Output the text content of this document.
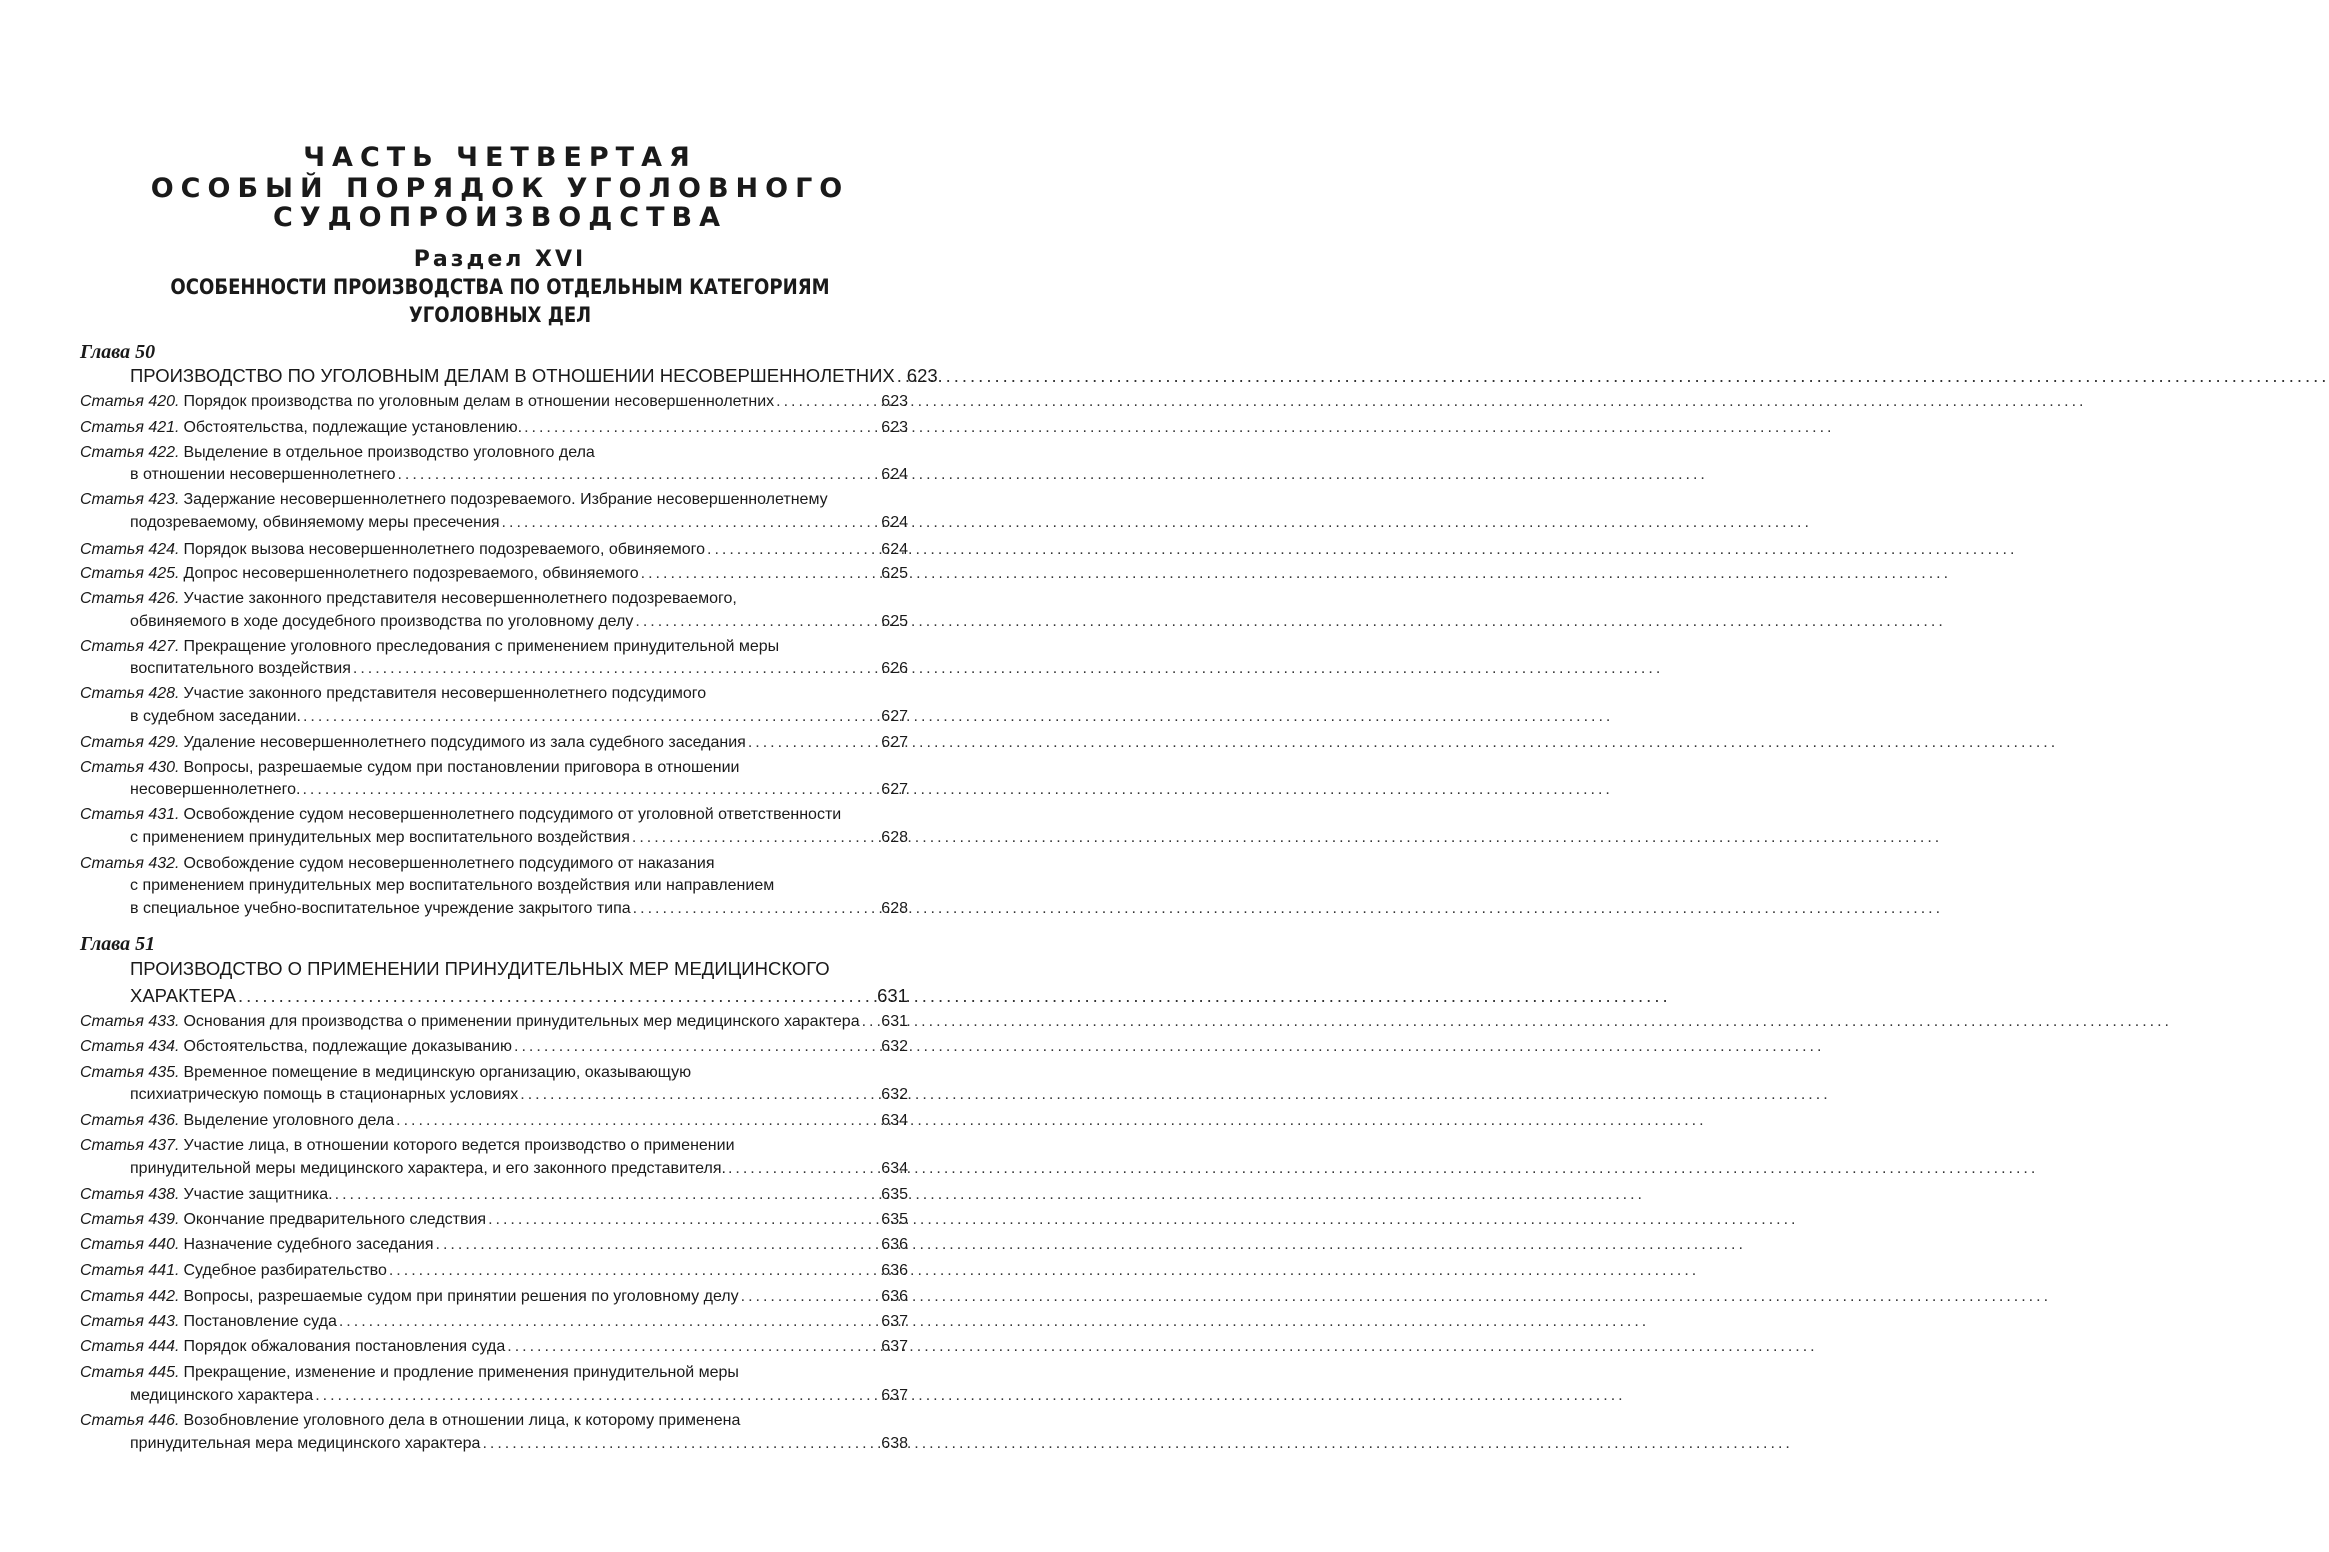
ЧАСТЬ ЧЕТВЕРТАЯ
ОСОБЫЙ ПОРЯДОК УГОЛОВНОГО
СУДОПРОИЗВОДСТВА
Раздел XVI
ОСОБЕННОСТИ ПРОИЗВОДСТВА ПО ОТДЕЛЬНЫМ КАТЕГОРИЯМ
УГОЛОВНЫХ ДЕЛ
Глава 50
ПРОИЗВОДСТВО ПО УГОЛОВНЫМ ДЕЛАМ В ОТНОШЕНИИ НЕСОВЕРШЕННОЛЕТНИХ ..... 623
Статья 420. Порядок производства по уголовным делам в отношении несовершеннолетних .....	623
Статья 421. Обстоятельства, подлежащие установлению. .....	623
Статья 422. Выделение в отдельное производство уголовного дела
в отношении несовершеннолетнего .....	624
Статья 423. Задержание несовершеннолетнего подозреваемого. Избрание несовершеннолетнему
подозреваемому, обвиняемому меры пресечения .....	624
Статья 424. Порядок вызова несовершеннолетнего подозреваемого, обвиняемого .....	624
Статья 425. Допрос несовершеннолетнего подозреваемого, обвиняемого .....	625
Статья 426. Участие законного представителя несовершеннолетнего подозреваемого,
обвиняемого в ходе досудебного производства по уголовному делу .....	625
Статья 427. Прекращение уголовного преследования с применением принудительной меры
воспитательного воздействия .....	626
Статья 428. Участие законного представителя несовершеннолетнего подсудимого
в судебном заседании. .....	627
Статья 429. Удаление несовершеннолетнего подсудимого из зала судебного заседания .....	627
Статья 430. Вопросы, разрешаемые судом при постановлении приговора в отношении
несовершеннолетнего. .....	627
Статья 431. Освобождение судом несовершеннолетнего подсудимого от уголовной ответственности
с применением принудительных мер воспитательного воздействия .....	628
Статья 432. Освобождение судом несовершеннолетнего подсудимого от наказания
с применением принудительных мер воспитательного воздействия или направлением
в специальное учебно-воспитательное учреждение закрытого типа .....	628
Глава 51
ПРОИЗВОДСТВО О ПРИМЕНЕНИИ ПРИНУДИТЕЛЬНЫХ МЕР МЕДИЦИНСКОГО
ХАРАКТЕРА .....	631
Статья 433. Основания для производства о применении принудительных мер медицинского характера ..... 631
Статья 434. Обстоятельства, подлежащие доказыванию .....	632
Статья 435. Временное помещение в медицинскую организацию, оказывающую
психиатрическую помощь в стационарных условиях .....	632
Статья 436. Выделение уголовного дела .....	634
Статья 437. Участие лица, в отношении которого ведется производство о применении
принудительной меры медицинского характера, и его законного представителя. .....	634
Статья 438. Участие защитника. .....	635
Статья 439. Окончание предварительного следствия .....	635
Статья 440. Назначение судебного заседания .....	636
Статья 441. Судебное разбирательство .....	636
Статья 442. Вопросы, разрешаемые судом при принятии решения по уголовному делу .....	636
Статья 443. Постановление суда .....	637
Статья 444. Порядок обжалования постановления суда .....	637
Статья 445. Прекращение, изменение и продление применения принудительной меры
медицинского характера .....	637
Статья 446. Возобновление уголовного дела в отношении лица, к которому применена
принудительная мера медицинского характера .....	638
